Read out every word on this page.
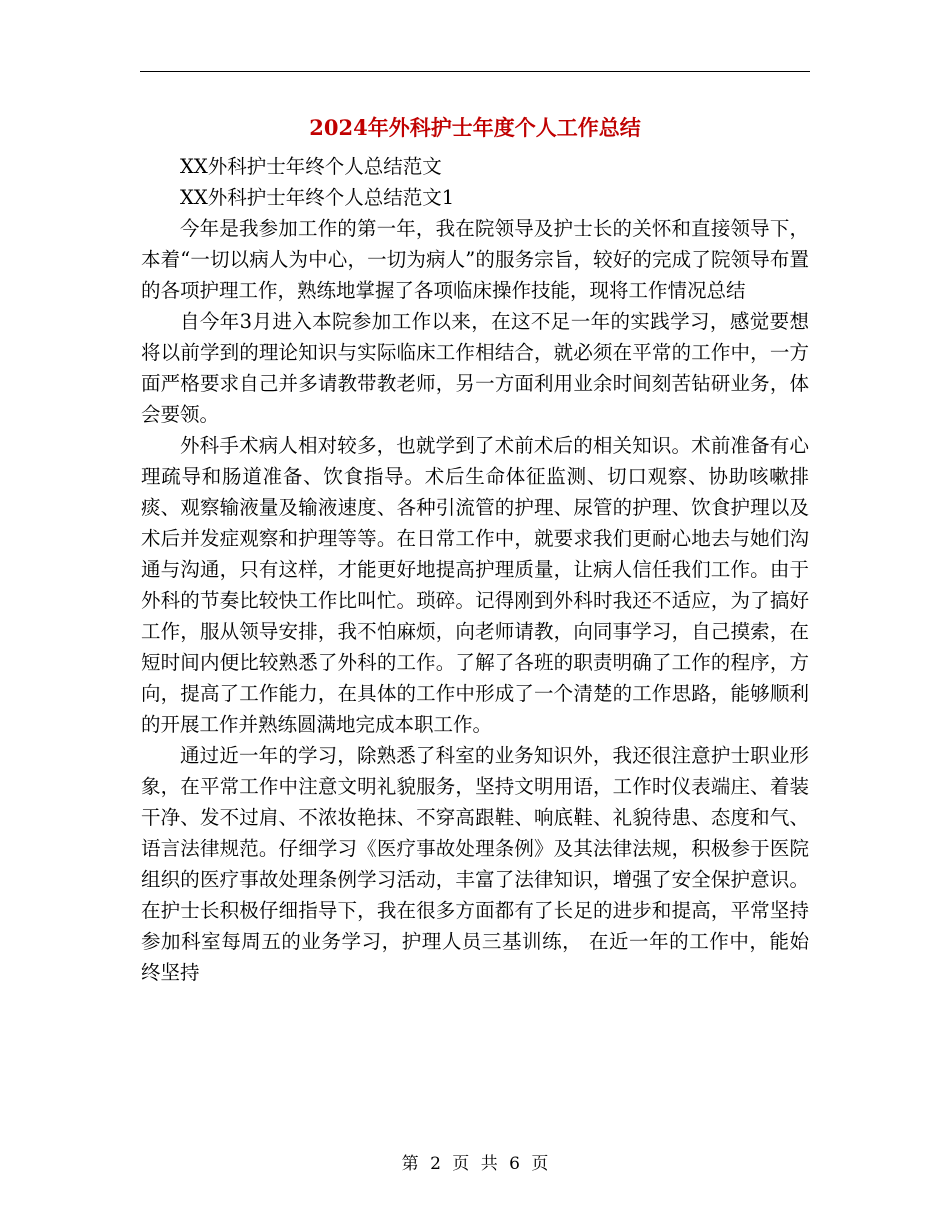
2024年外科护士年度个人工作总结

XX外科护士年终个人总结范文

XX外科护士年终个人总结范文1

今年是我参加工作的第一年，我在院领导及护士长的关怀和直接领导下，本着“一切以病人为中心，一切为病人”的服务宗旨，较好的完成了院领导布置的各项护理工作，熟练地掌握了各项临床操作技能，现将工作情况总结

自今年3月进入本院参加工作以来，在这不足一年的实践学习，感觉要想将以前学到的理论知识与实际临床工作相结合，就必须在平常的工作中，一方面严格要求自己并多请教带教老师，另一方面利用业余时间刻苦钻研业务，体会要领。

外科手术病人相对较多，也就学到了术前术后的相关知识。术前准备有心理疏导和肠道准备、饮食指导。术后生命体征监测、切口观察、协助咳嗽排痰、观察输液量及输液速度、各种引流管的护理、尿管的护理、饮食护理以及术后并发症观察和护理等等。在日常工作中，就要求我们更耐心地去与她们沟通与沟通，只有这样，才能更好地提高护理质量，让病人信任我们工作。由于外科的节奏比较快工作比叫忙。琐碎。记得刚到外科时我还不适应，为了搞好工作，服从领导安排，我不怕麻烦，向老师请教，向同事学习，自己摸索，在短时间内便比较熟悉了外科的工作。了解了各班的职责明确了工作的程序，方向，提高了工作能力，在具体的工作中形成了一个清楚的工作思路，能够顺利的开展工作并熟练圆满地完成本职工作。

通过近一年的学习，除熟悉了科室的业务知识外，我还很注意护士职业形象，在平常工作中注意文明礼貌服务，坚持文明用语，工作时仪表端庄、着装干净、发不过肩、不浓妆艳抹、不穿高跟鞋、响底鞋、礼貌待患、态度和气、语言法律规范。仔细学习《医疗事故处理条例》及其法律法规，积极参于医院组织的医疗事故处理条例学习活动，丰富了法律知识，增强了安全保护意识。在护士长积极仔细指导下，我在很多方面都有了长足的进步和提高，平常坚持参加科室每周五的业务学习，护理人员三基训练， 在近一年的工作中，能始终坚持

第 2 页 共 6 页
